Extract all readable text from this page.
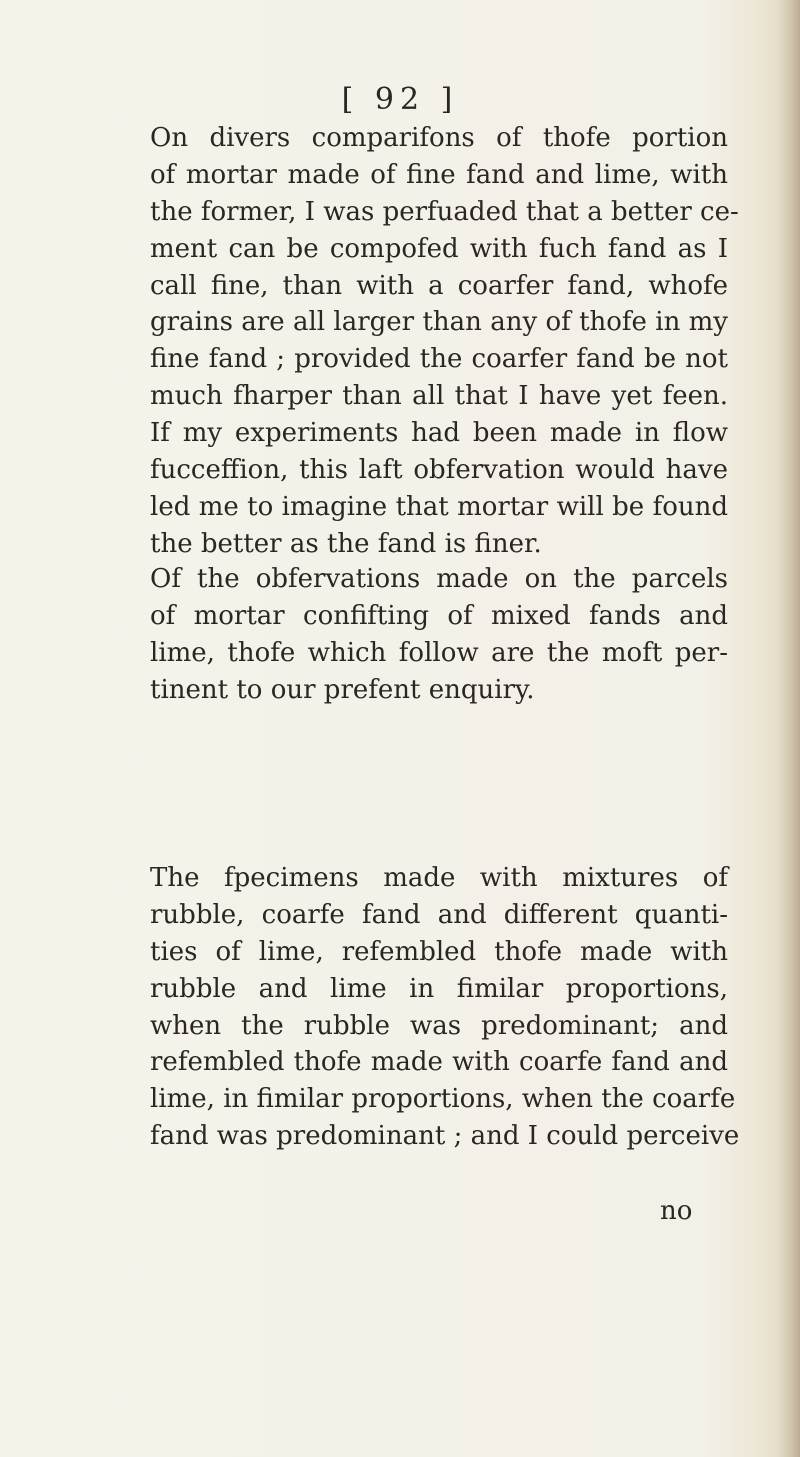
[ 92 ]
On divers comparifons of thofe portion
of mortar made of fine fand and lime, with
the former, I was perfuaded that a better ce-
ment can be compofed with fuch fand as I
call fine, than with a coarfer fand, whofe
grains are all larger than any of thofe in my
fine fand ; provided the coarfer fand be not
much fharper than all that I have yet feen.
If my experiments had been made in flow
fucceffion, this laft obfervation would have
led me to imagine that mortar will be found
the better as the fand is finer.
Of the obfervations made on the parcels
of mortar confifting of mixed fands and
lime, thofe which follow are the moft per-
tinent to our prefent enquiry.
The fpecimens made with mixtures of
rubble, coarfe fand and different quanti-
ties of lime, refembled thofe made with
rubble and lime in fimilar proportions,
when the rubble was predominant; and
refembled thofe made with coarfe fand and
lime, in fimilar proportions, when the coarfe
fand was predominant ; and I could perceive
no
